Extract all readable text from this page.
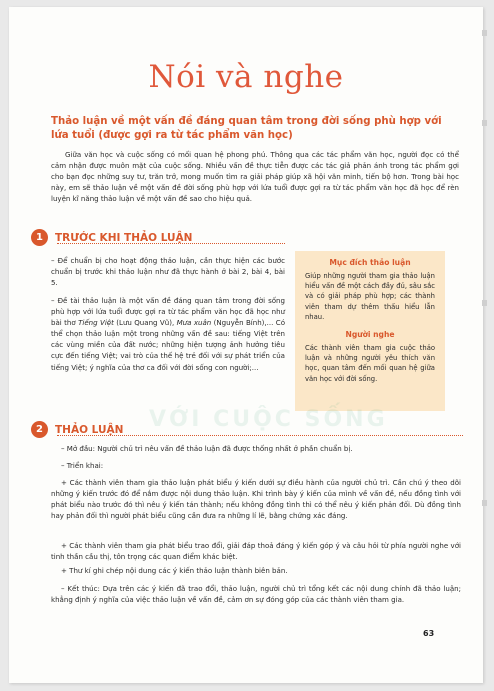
Nói và nghe
Thảo luận về một vấn đề đáng quan tâm trong đời sống phù hợp với lứa tuổi (được gợi ra từ tác phẩm văn học)

Giữa văn học và cuộc sống có mối quan hệ phong phú. Thông qua các tác phẩm văn học, người đọc có thể cảm nhận được muôn mặt của cuộc sống. Nhiều vấn đề thực tiễn được các tác giả phản ánh trong tác phẩm gợi cho bạn đọc những suy tư, trăn trở, mong muốn tìm ra giải pháp giúp xã hội văn minh, tiến bộ hơn. Trong bài học này, em sẽ thảo luận về một vấn đề đời sống phù hợp với lứa tuổi được gợi ra từ tác phẩm văn học đã học để rèn luyện kĩ năng thảo luận về một vấn đề sao cho hiệu quả.

1	TRƯỚC KHI THẢO LUẬN

– Để chuẩn bị cho hoạt động thảo luận, cần thực hiện các bước chuẩn bị trước khi thảo luận như đã thực hành ở bài 2, bài 4, bài 5.

– Đề tài thảo luận là một vấn đề đáng quan tâm trong đời sống phù hợp với lứa tuổi được gợi ra từ tác phẩm văn học đã học như bài thơ Tiếng Việt (Lưu Quang Vũ), Mưa xuân (Nguyễn Bính),... Có thể chọn thảo luận một trong những vấn đề sau: tiếng Việt trên các vùng miền của đất nước; những hiện tượng ảnh hưởng tiêu cực đến tiếng Việt; vai trò của thế hệ trẻ đối với sự phát triển của tiếng Việt; ý nghĩa của thơ ca đối với đời sống con người;...

Mục đích thảo luận

Giúp những người tham gia thảo luận hiểu vấn đề một cách đầy đủ, sâu sắc và có giải pháp phù hợp; các thành viên tham dự thêm thấu hiểu lẫn nhau.

Người nghe

Các thành viên tham gia cuộc thảo luận và những người yêu thích văn học, quan tâm đến mối quan hệ giữa văn học với đời sống.

VỚI CUỘC SỐNG
2	THẢO LUẬN

– Mở đầu: Người chủ trì nêu vấn đề thảo luận đã được thống nhất ở phần chuẩn bị.

– Triển khai:

+ Các thành viên tham gia thảo luận phát biểu ý kiến dưới sự điều hành của người chủ trì. Cần chú ý theo dõi những ý kiến trước đó để nắm được nội dung thảo luận. Khi trình bày ý kiến của mình về vấn đề, nếu đồng tình với phát biểu nào trước đó thì nêu ý kiến tán thành; nếu không đồng tình thì có thể nêu ý kiến phản đối. Dù đồng tình hay phản đối thì người phát biểu cũng cần đưa ra những lí lẽ, bằng chứng xác đáng.

+ Các thành viên tham gia phát biểu trao đổi, giải đáp thoả đáng ý kiến góp ý và câu hỏi từ phía người nghe với tinh thần cầu thị, tôn trọng các quan điểm khác biệt.

+ Thư kí ghi chép nội dung các ý kiến thảo luận thành biên bản.

– Kết thúc: Dựa trên các ý kiến đã trao đổi, thảo luận, người chủ trì tổng kết các nội dung chính đã thảo luận; khẳng định ý nghĩa của việc thảo luận về vấn đề, cảm ơn sự đóng góp của các thành viên tham gia.

63
